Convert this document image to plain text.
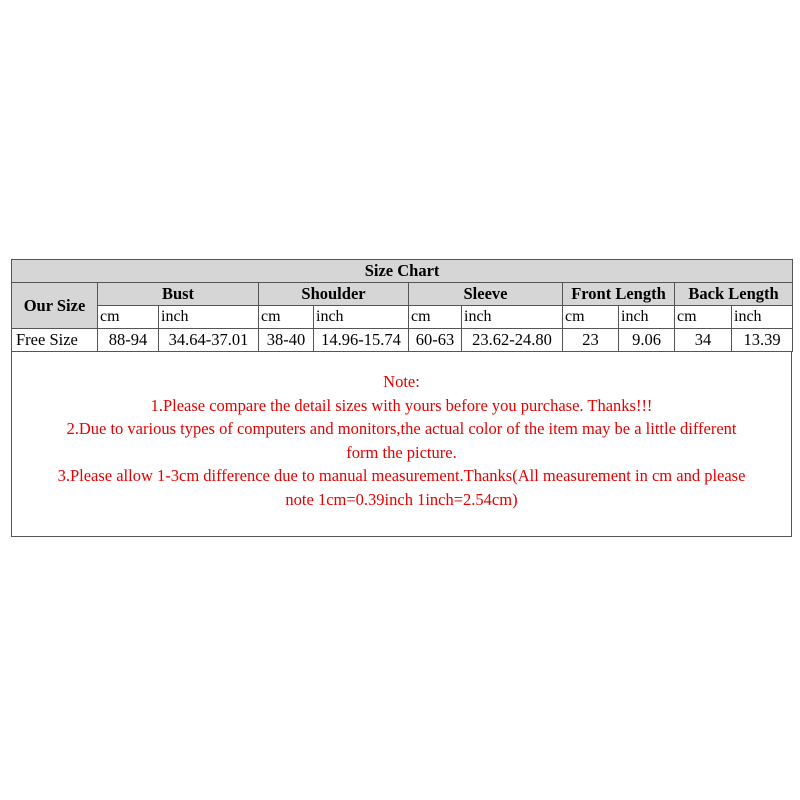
Size Chart										
Our Size	Bust		Shoulder		Sleeve		Front Length		Back Length	
	cm	inch	cm	inch	cm	inch	cm	inch	cm	inch
Free Size	88-94	34.64-37.01	38-40	14.96-15.74	60-63	23.62-24.80	23	9.06	34	13.39
Note:
1.Please compare the detail sizes with yours before you purchase. Thanks!!!
2.Due to various types of computers and monitors,the actual color of the item may be a little different
form the picture.
3.Please allow 1-3cm difference due to manual measurement.Thanks(All measurement in cm and please
note 1cm=0.39inch 1inch=2.54cm)
